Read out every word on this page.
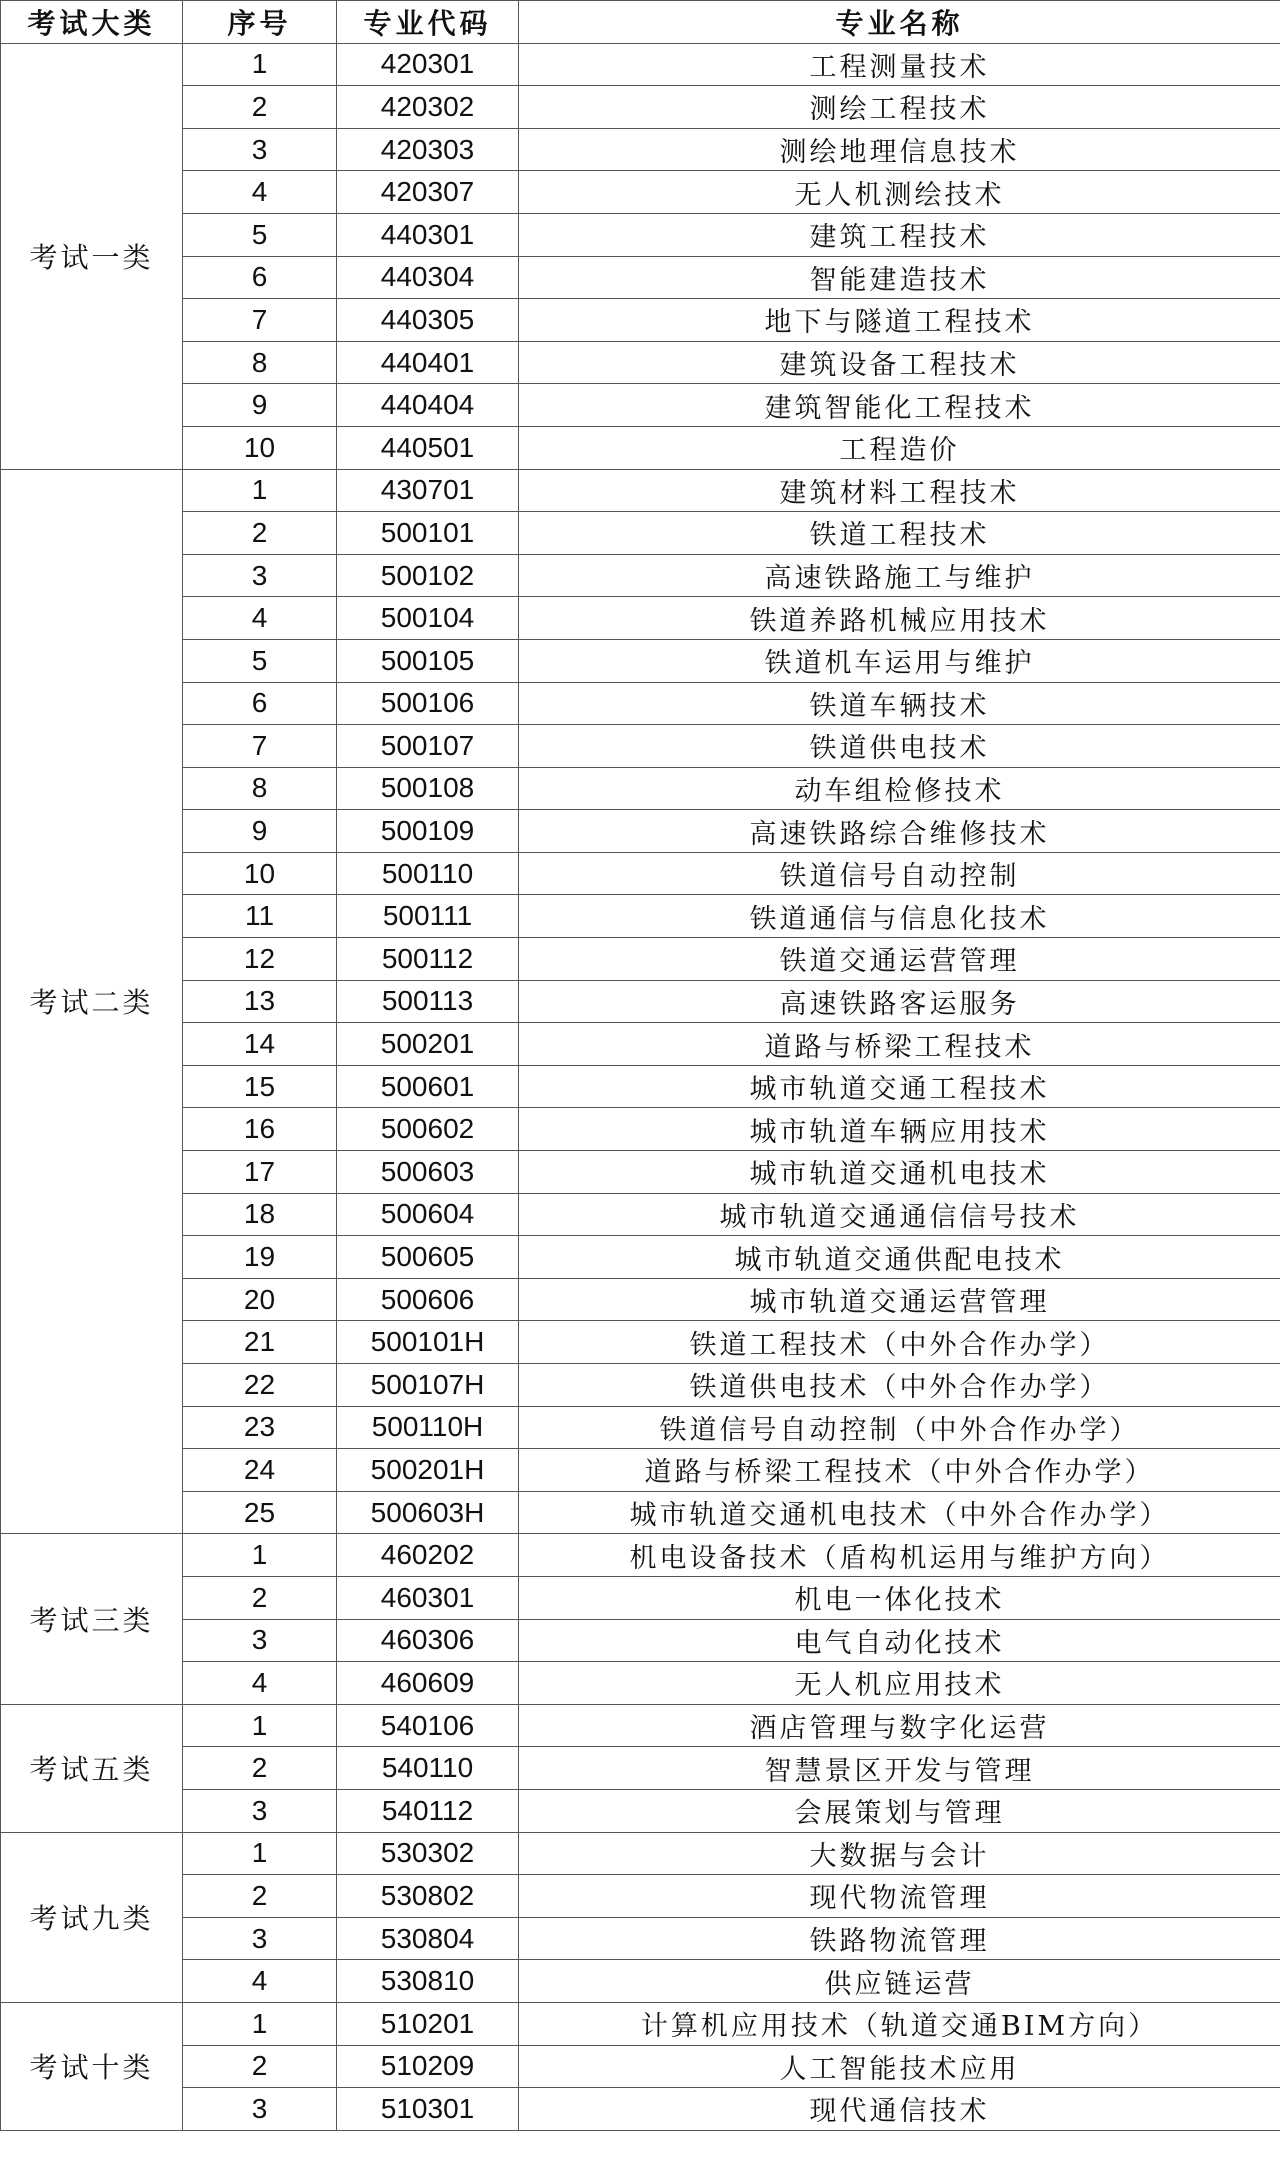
考试大类	序号	专业代码	专业名称
考试一类	1	420301	工程测量技术
	2	420302	测绘工程技术
	3	420303	测绘地理信息技术
	4	420307	无人机测绘技术
	5	440301	建筑工程技术
	6	440304	智能建造技术
	7	440305	地下与隧道工程技术
	8	440401	建筑设备工程技术
	9	440404	建筑智能化工程技术
	10	440501	工程造价
考试二类	1	430701	建筑材料工程技术
	2	500101	铁道工程技术
	3	500102	高速铁路施工与维护
	4	500104	铁道养路机械应用技术
	5	500105	铁道机车运用与维护
	6	500106	铁道车辆技术
	7	500107	铁道供电技术
	8	500108	动车组检修技术
	9	500109	高速铁路综合维修技术
	10	500110	铁道信号自动控制
	11	500111	铁道通信与信息化技术
	12	500112	铁道交通运营管理
	13	500113	高速铁路客运服务
	14	500201	道路与桥梁工程技术
	15	500601	城市轨道交通工程技术
	16	500602	城市轨道车辆应用技术
	17	500603	城市轨道交通机电技术
	18	500604	城市轨道交通通信信号技术
	19	500605	城市轨道交通供配电技术
	20	500606	城市轨道交通运营管理
	21	500101H	铁道工程技术（中外合作办学）
	22	500107H	铁道供电技术（中外合作办学）
	23	500110H	铁道信号自动控制（中外合作办学）
	24	500201H	道路与桥梁工程技术（中外合作办学）
	25	500603H	城市轨道交通机电技术（中外合作办学）
考试三类	1	460202	机电设备技术（盾构机运用与维护方向）
	2	460301	机电一体化技术
	3	460306	电气自动化技术
	4	460609	无人机应用技术
考试五类	1	540106	酒店管理与数字化运营
	2	540110	智慧景区开发与管理
	3	540112	会展策划与管理
考试九类	1	530302	大数据与会计
	2	530802	现代物流管理
	3	530804	铁路物流管理
	4	530810	供应链运营
考试十类	1	510201	计算机应用技术（轨道交通BIM方向）
	2	510209	人工智能技术应用
	3	510301	现代通信技术
